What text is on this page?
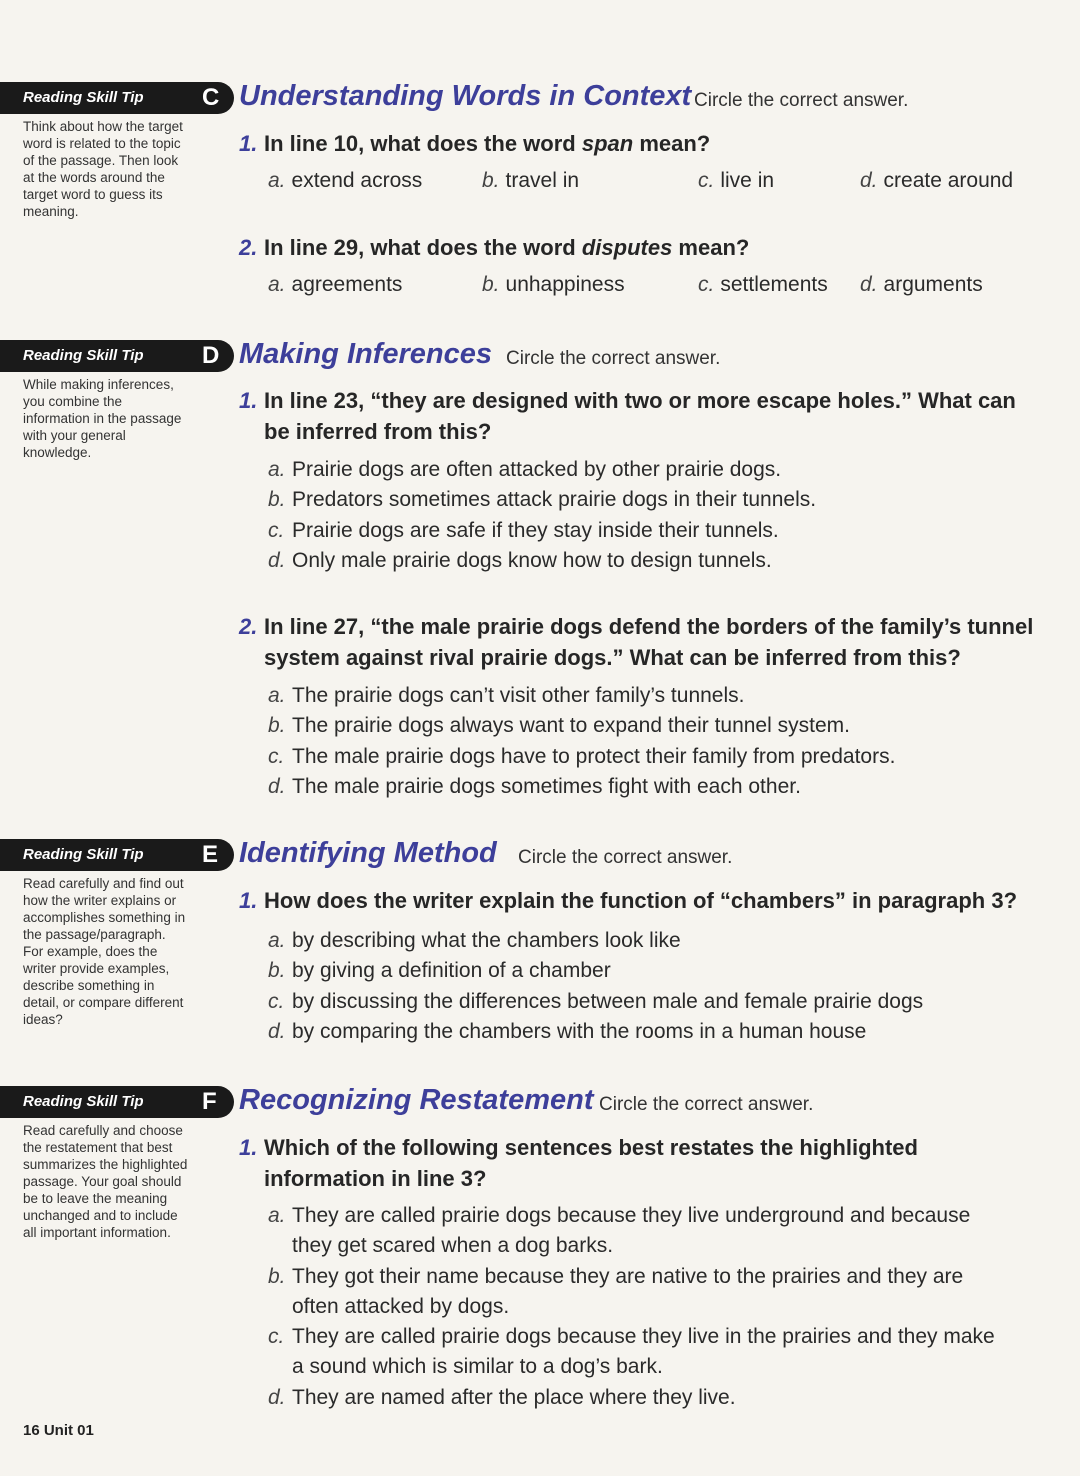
Reading Skill Tip
Think about how the target word is related to the topic of the passage. Then look at the words around the target word to guess its meaning.
C Understanding Words in Context Circle the correct answer.
1. In line 10, what does the word span mean?
a. extend across	b. travel in	c. live in	d. create around
2. In line 29, what does the word disputes mean?
a. agreements	b. unhappiness	c. settlements d. arguments
Reading Skill Tip
While making inferences, you combine the information in the passage with your general knowledge.
D Making Inferences Circle the correct answer.
1. In line 23, “they are designed with two or more escape holes.” What can be inferred from this?
a. Prairie dogs are often attacked by other prairie dogs.
b. Predators sometimes attack prairie dogs in their tunnels.
c. Prairie dogs are safe if they stay inside their tunnels.
d. Only male prairie dogs know how to design tunnels.
2. In line 27, “the male prairie dogs defend the borders of the family’s tunnel system against rival prairie dogs.” What can be inferred from this?
a. The prairie dogs can’t visit other family’s tunnels.
b. The prairie dogs always want to expand their tunnel system.
c. The male prairie dogs have to protect their family from predators.
d. The male prairie dogs sometimes fight with each other.
Reading Skill Tip
Read carefully and find out how the writer explains or accomplishes something in the passage/paragraph. For example, does the writer provide examples, describe something in detail, or compare different ideas?
E Identifying Method Circle the correct answer.
1. How does the writer explain the function of “chambers” in paragraph 3?
a. by describing what the chambers look like
b. by giving a definition of a chamber
c. by discussing the differences between male and female prairie dogs
d. by comparing the chambers with the rooms in a human house
Reading Skill Tip
Read carefully and choose the restatement that best summarizes the highlighted passage. Your goal should be to leave the meaning unchanged and to include all important information.
F Recognizing Restatement Circle the correct answer.
1. Which of the following sentences best restates the highlighted information in line 3?
a. They are called prairie dogs because they live underground and because they get scared when a dog barks.
b. They got their name because they are native to the prairies and they are often attacked by dogs.
c. They are called prairie dogs because they live in the prairies and they make a sound which is similar to a dog’s bark.
d. They are named after the place where they live.
16 Unit 01
